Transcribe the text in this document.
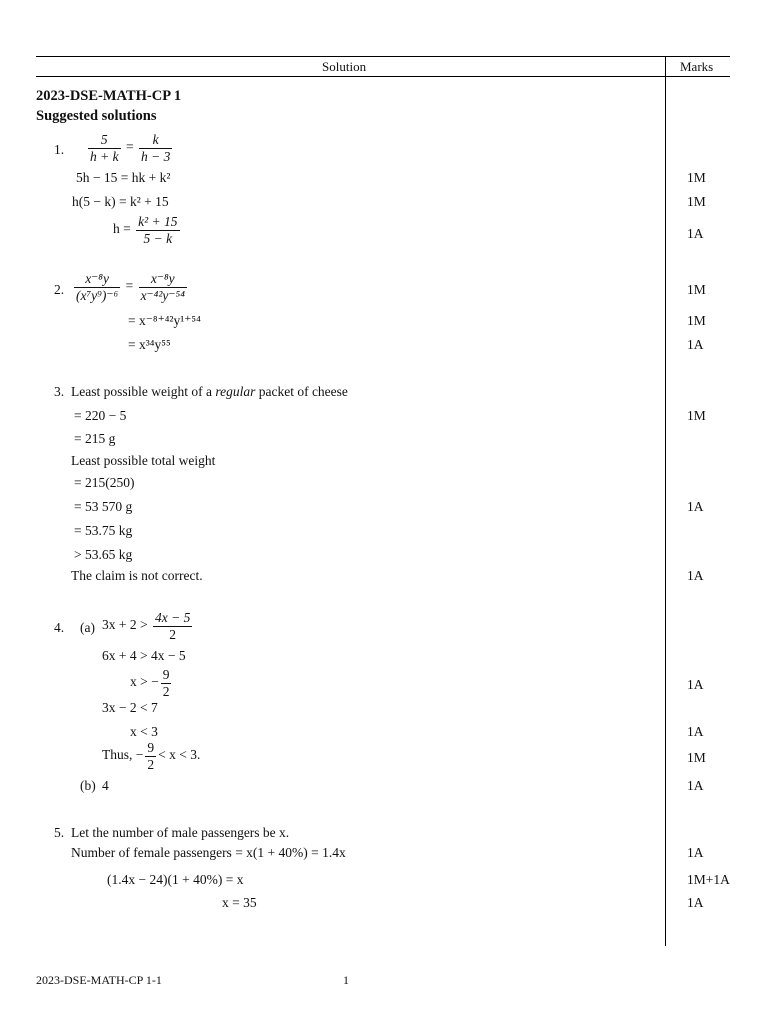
Solution	Marks
2023-DSE-MATH-CP 1
Suggested solutions
1. $\frac{5}{h + k} = \frac{k}{h - 3}$
5h − 15 = hk + k²
h(5 − k) = k² + 15
$h = \frac{\text{k² + 15}}{5 - k}$
1M
1M
1A
2. $\frac{\text{x⁻⁸y}}{\text{(x⁷y⁹)⁻⁶}} = \frac{\text{x⁻⁸y}}{\text{x⁻⁴²y⁻⁵⁴}}$
= x⁻⁸⁺⁴²y¹⁺⁵⁴
= x³⁴y⁵⁵
1M
1M
1A
3. Least possible weight of a regular packet of cheese
= 220 − 5
= 215 g
Least possible total weight
= 215(250)
= 53 570 g
= 53.75 kg
> 53.65 kg
The claim is not correct.
1M
1A
1A
4. (a) $3x + 2 > \frac{4x - 5}{2}$
6x + 4 > 4x − 5
x > − $\frac{9}{2}$
3x − 2 < 7
x < 3
Thus, − $\frac{9}{2} < x < 3$.
(b) 4
1A
1A
1M
1A
5. Let the number of male passengers be x.
Number of female passengers = x(1 + 40%) = 1.4x
(1.4x − 24)(1 + 40%) = x
x = 35
1A
1M+1A
1A
2023-DSE-MATH-CP 1-1	1
